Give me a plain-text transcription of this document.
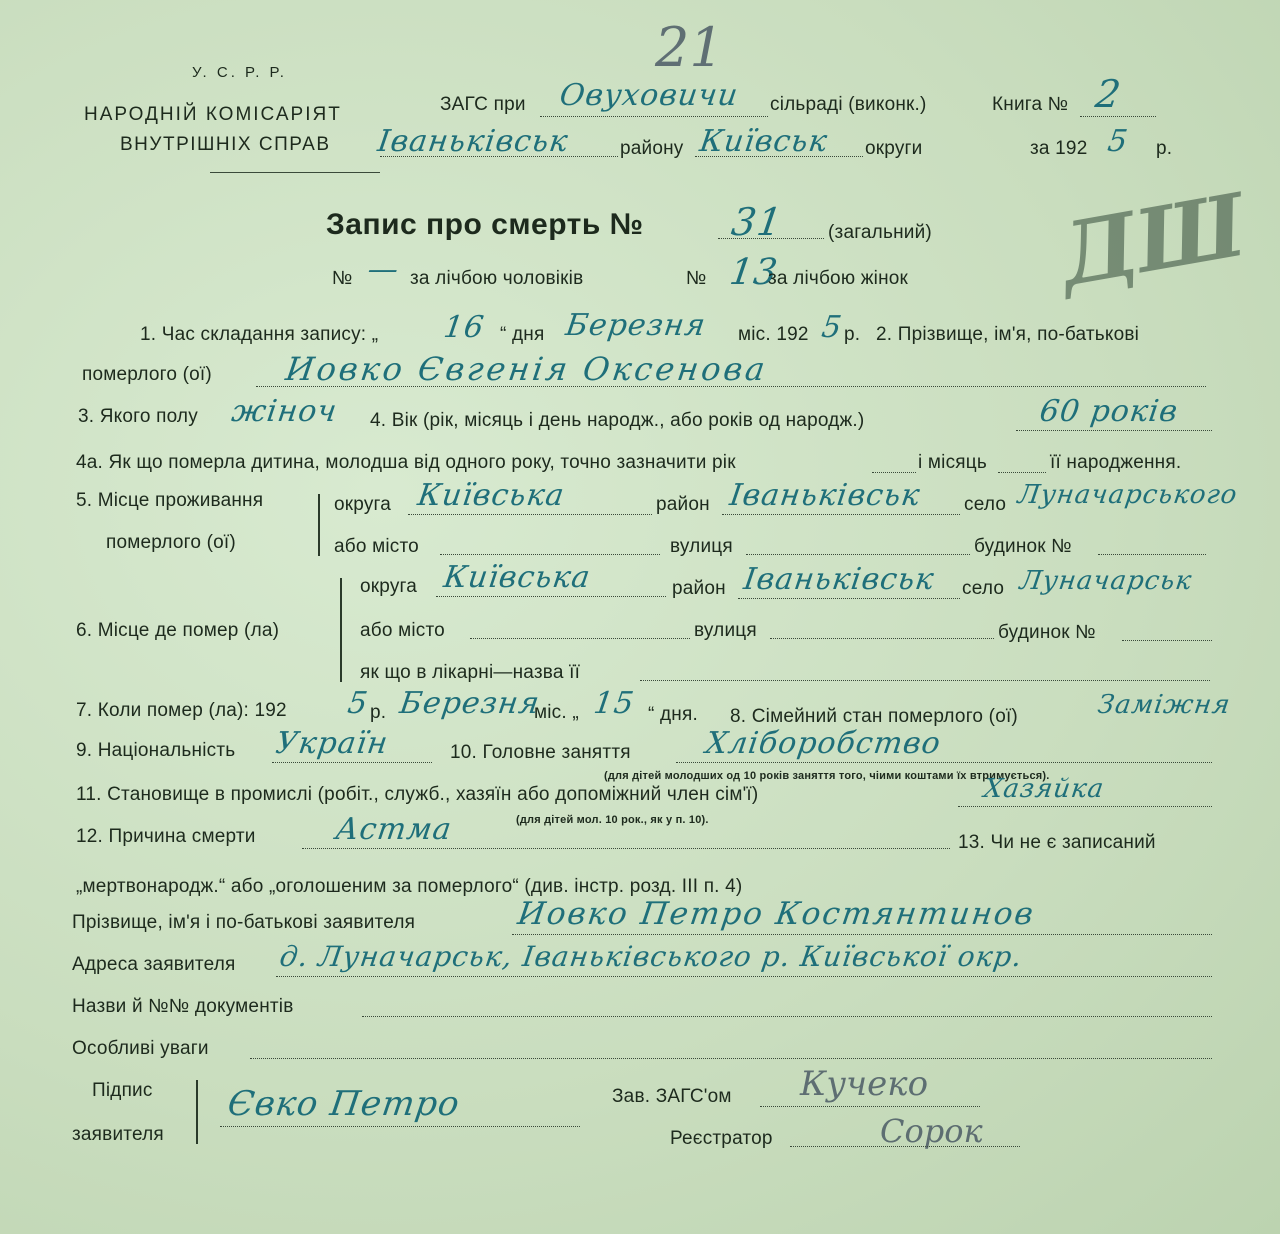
У. С. Р. Р.
НАРОДНІЙ КОМІСАРІЯТ
ВНУТРІШНІХ СПРАВ
ЗАГС при Овуховичи сільраді (виконк.)	Книга № 2
Іваньківськ	району Київськ округи	за 192 5 р.
21
ДШ
Запис про смерть № 31 (загальний)
№ — за лічбою чоловіків	№ 13
за лічбою жінок
1. Час складання запису: „ 16 “ дня Березня міс. 192 5 р. 2. Прізвище, ім'я, по-батькові
померлого (ої) Иовко Євгенія Оксенова
3. Якого полу жіноч 4. Вік (рік, місяць і день народж., або років од народж.)	60 років
4а. Як що померла дитина, молодша від одного року, точно зазначити рік	і місяць	її народження.
5. Місце проживання
померлого (ої)
округа Київська	район Іваньківськ село Луначарського
або місто	вулиця	будинок №
6. Місце де помер (ла)
округа Київська	район Іваньківськ село Луначарськ
або місто	вулиця	будинок №
як що в лікарні—назва її
7. Коли помер (ла): 192 5 р. Березня
міс. „ 15 “ дня. 8. Сімейний стан померлого (ої)	Заміжня
9. Національність Україн	10. Головне заняття Хліборобство
(для дітей молодших од 10 років заняття того, чіими коштами їх втримується).
11. Становище в промислі (робіт., служб., хазяїн або допоміжний член сім'ї)	Хазяйка
(для дітей мол. 10 рок., як у п. 10).
12. Причина смерти	Астма	13. Чи не є записаний
„мертвонародж.“ або „оголошеним за померлого“ (див. інстр. розд. III п. 4)
Прізвище, ім'я і по-батькові заявителя	Иовко Петро Костянтинов
Адреса заявителя д. Луначарськ, Іваньківського р. Київської окр.
Назви й №№ документів
Особливі уваги
Підпис
заявителя
Євко Петро	Зав. ЗАГС'ом Кучеко
Реєстратор	Сорок
